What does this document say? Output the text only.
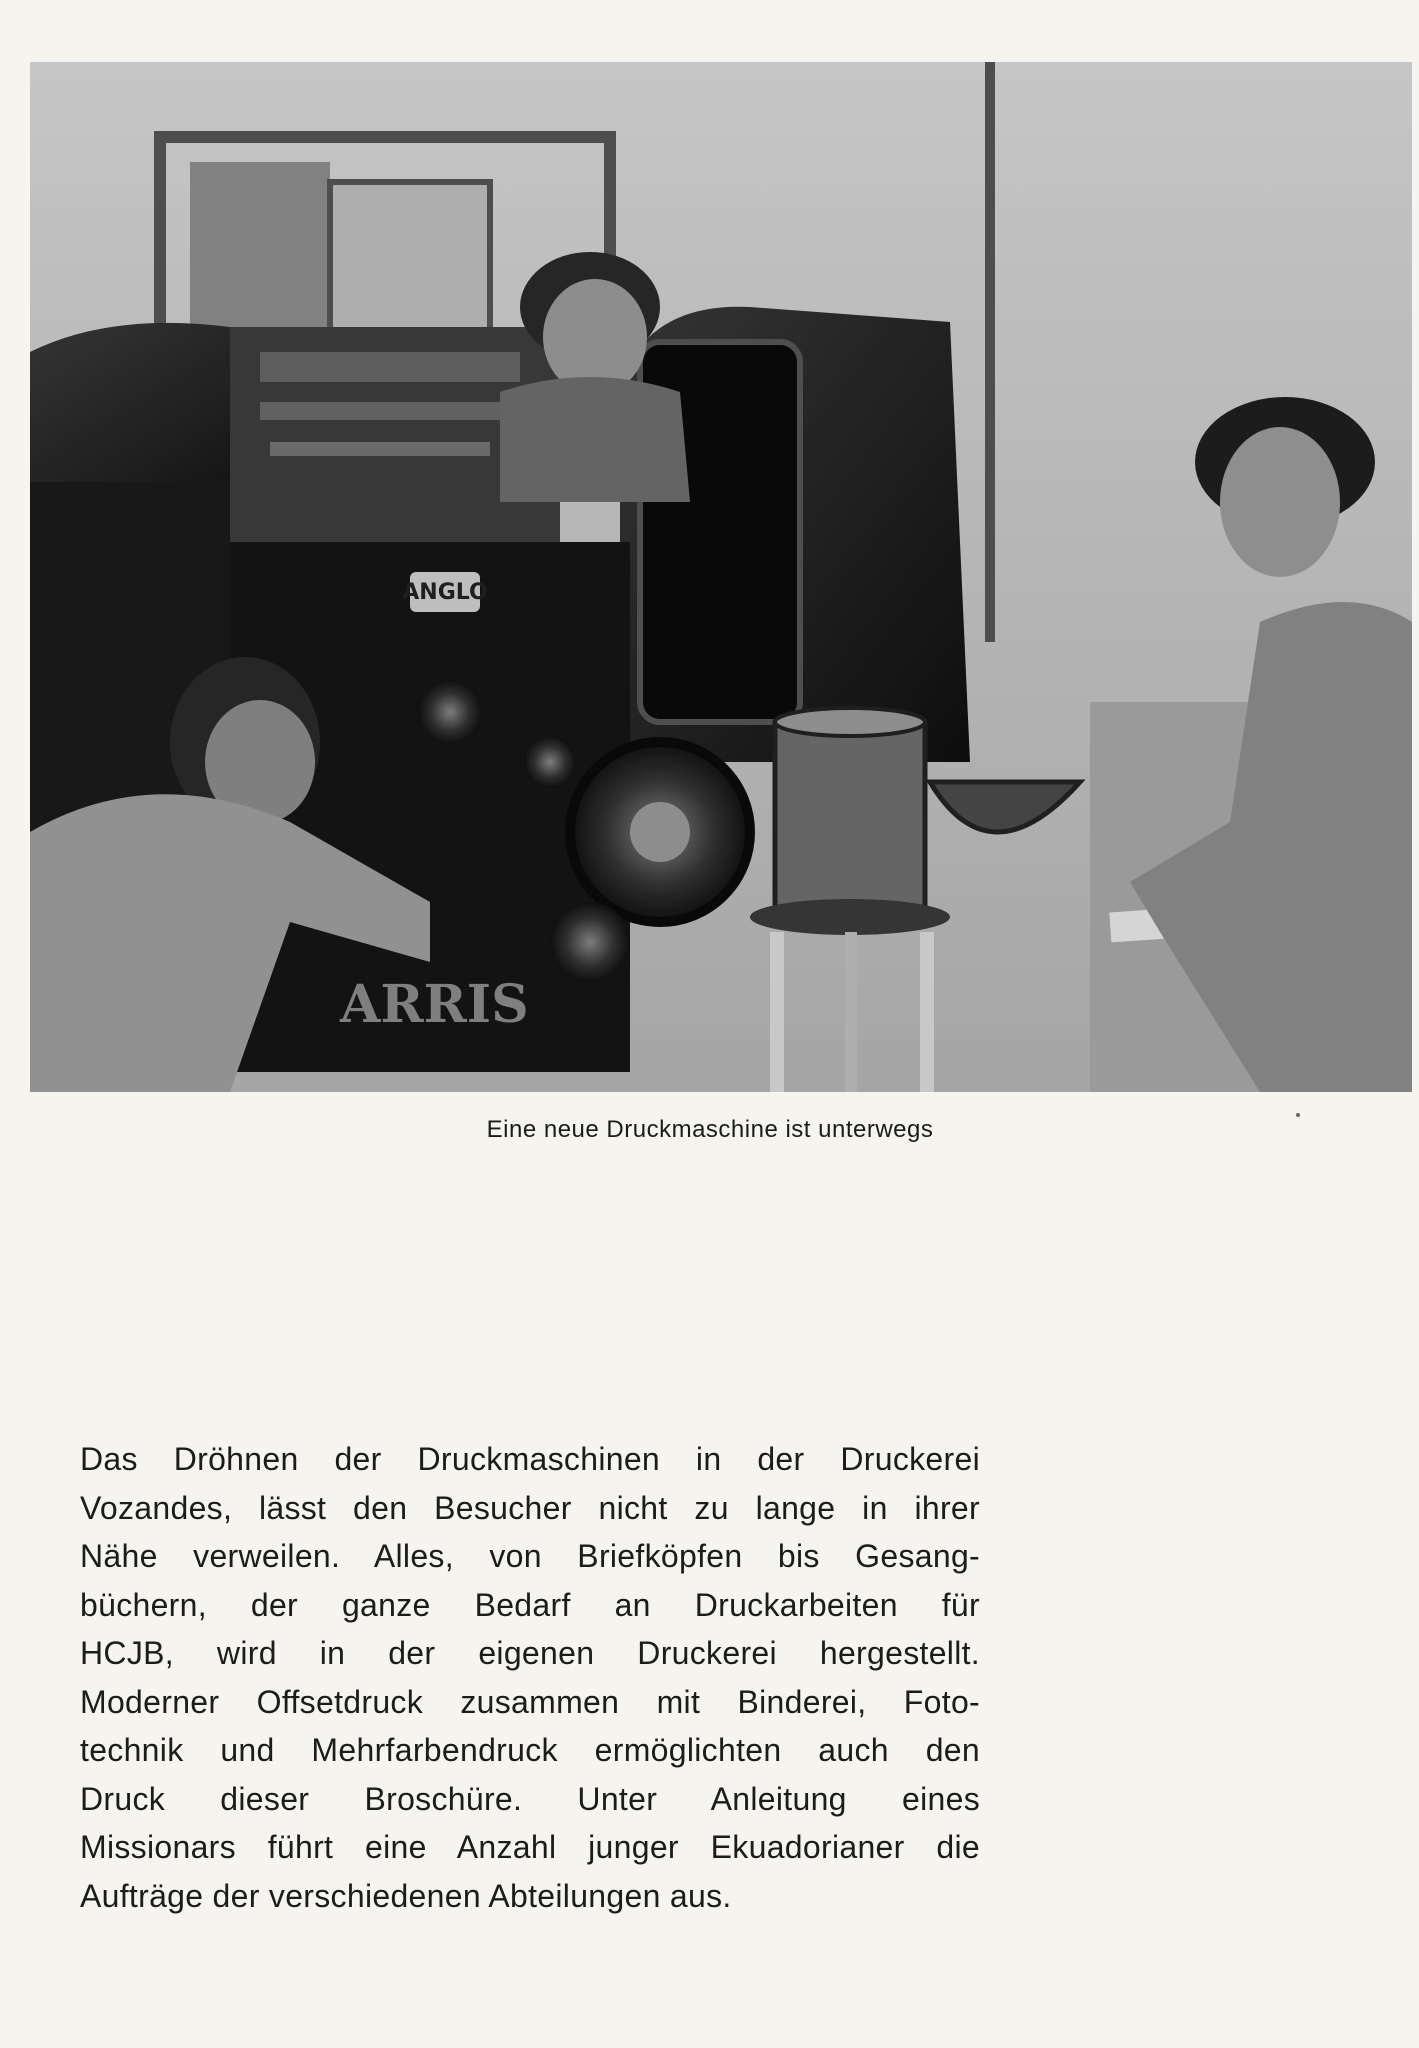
ANGLO
ARRIS
Eine neue Druckmaschine ist unterwegs
Das Dröhnen der Druckmaschinen in der Druckerei
Vozandes, lässt den Besucher nicht zu lange in ihrer
Nähe verweilen. Alles, von Briefköpfen bis Gesang-
büchern, der ganze Bedarf an Druckarbeiten für
HCJB, wird in der eigenen Druckerei hergestellt.
Moderner Offsetdruck zusammen mit Binderei, Foto-
technik und Mehrfarbendruck ermöglichten auch den
Druck dieser Broschüre. Unter Anleitung eines
Missionars führt eine Anzahl junger Ekuadorianer die
Aufträge der verschiedenen Abteilungen aus.
